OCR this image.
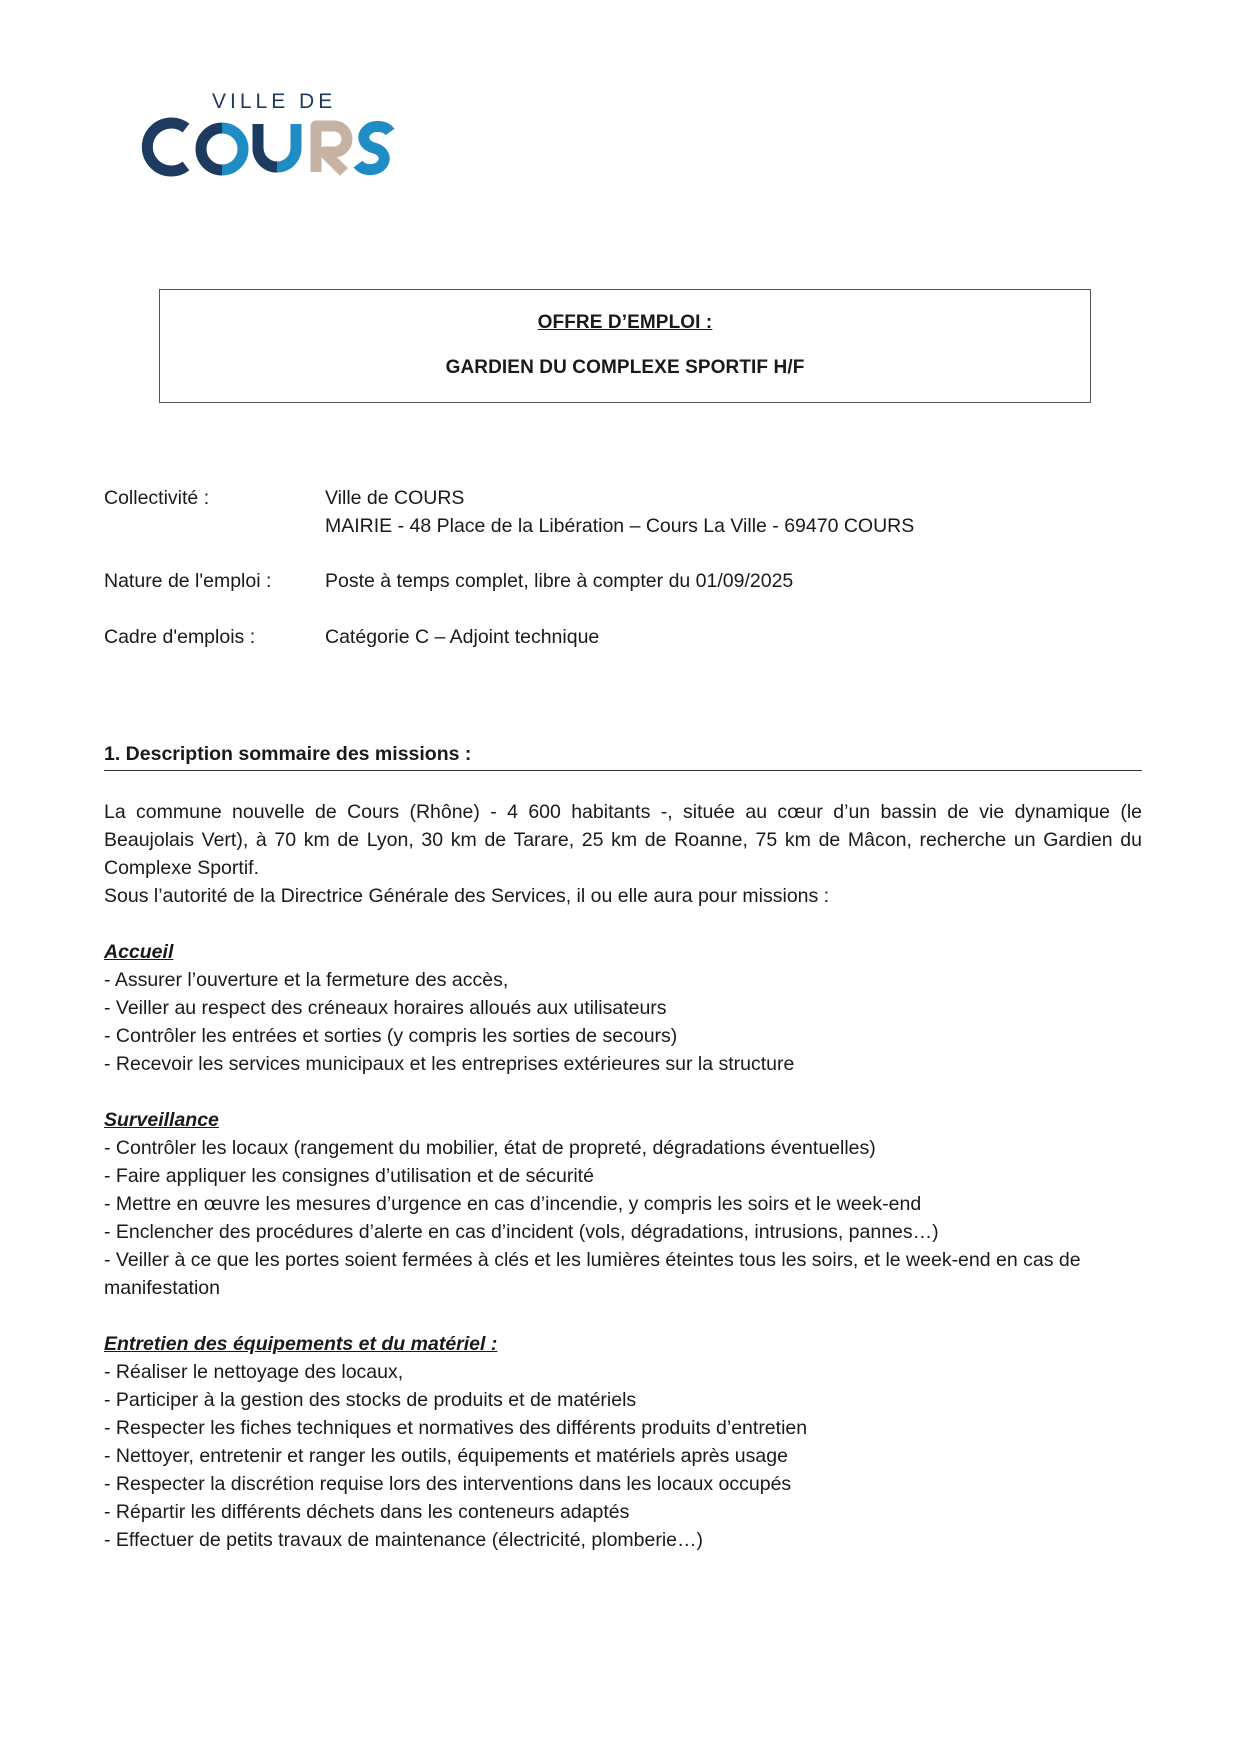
VILLE DE
OFFRE D’EMPLOI :
GARDIEN DU COMPLEXE SPORTIF H/F
Collectivité :	Ville de COURS
MAIRIE - 48 Place de la Libération – Cours La Ville - 69470 COURS
Nature de l'emploi :	Poste à temps complet, libre à compter du 01/09/2025
Cadre d'emplois :	Catégorie C – Adjoint technique
1. Description sommaire des missions :
La commune nouvelle de Cours (Rhône) - 4 600 habitants -, située au cœur d’un bassin de vie dynamique (le Beaujolais Vert), à 70 km de Lyon, 30 km de Tarare, 25 km de Roanne, 75 km de Mâcon, recherche un Gardien du Complexe Sportif.
Sous l’autorité de la Directrice Générale des Services, il ou elle aura pour missions :
Accueil
- Assurer l’ouverture et la fermeture des accès,
- Veiller au respect des créneaux horaires alloués aux utilisateurs
- Contrôler les entrées et sorties (y compris les sorties de secours)
- Recevoir les services municipaux et les entreprises extérieures sur la structure
Surveillance
- Contrôler les locaux (rangement du mobilier, état de propreté, dégradations éventuelles)
- Faire appliquer les consignes d’utilisation et de sécurité
- Mettre en œuvre les mesures d’urgence en cas d’incendie, y compris les soirs et le week-end
- Enclencher des procédures d’alerte en cas d’incident (vols, dégradations, intrusions, pannes…)
- Veiller à ce que les portes soient fermées à clés et les lumières éteintes tous les soirs, et le week-end en cas de manifestation
Entretien des équipements et du matériel :
- Réaliser le nettoyage des locaux,
- Participer à la gestion des stocks de produits et de matériels
- Respecter les fiches techniques et normatives des différents produits d’entretien
- Nettoyer, entretenir et ranger les outils, équipements et matériels après usage
- Respecter la discrétion requise lors des interventions dans les locaux occupés
- Répartir les différents déchets dans les conteneurs adaptés
- Effectuer de petits travaux de maintenance (électricité, plomberie…)
